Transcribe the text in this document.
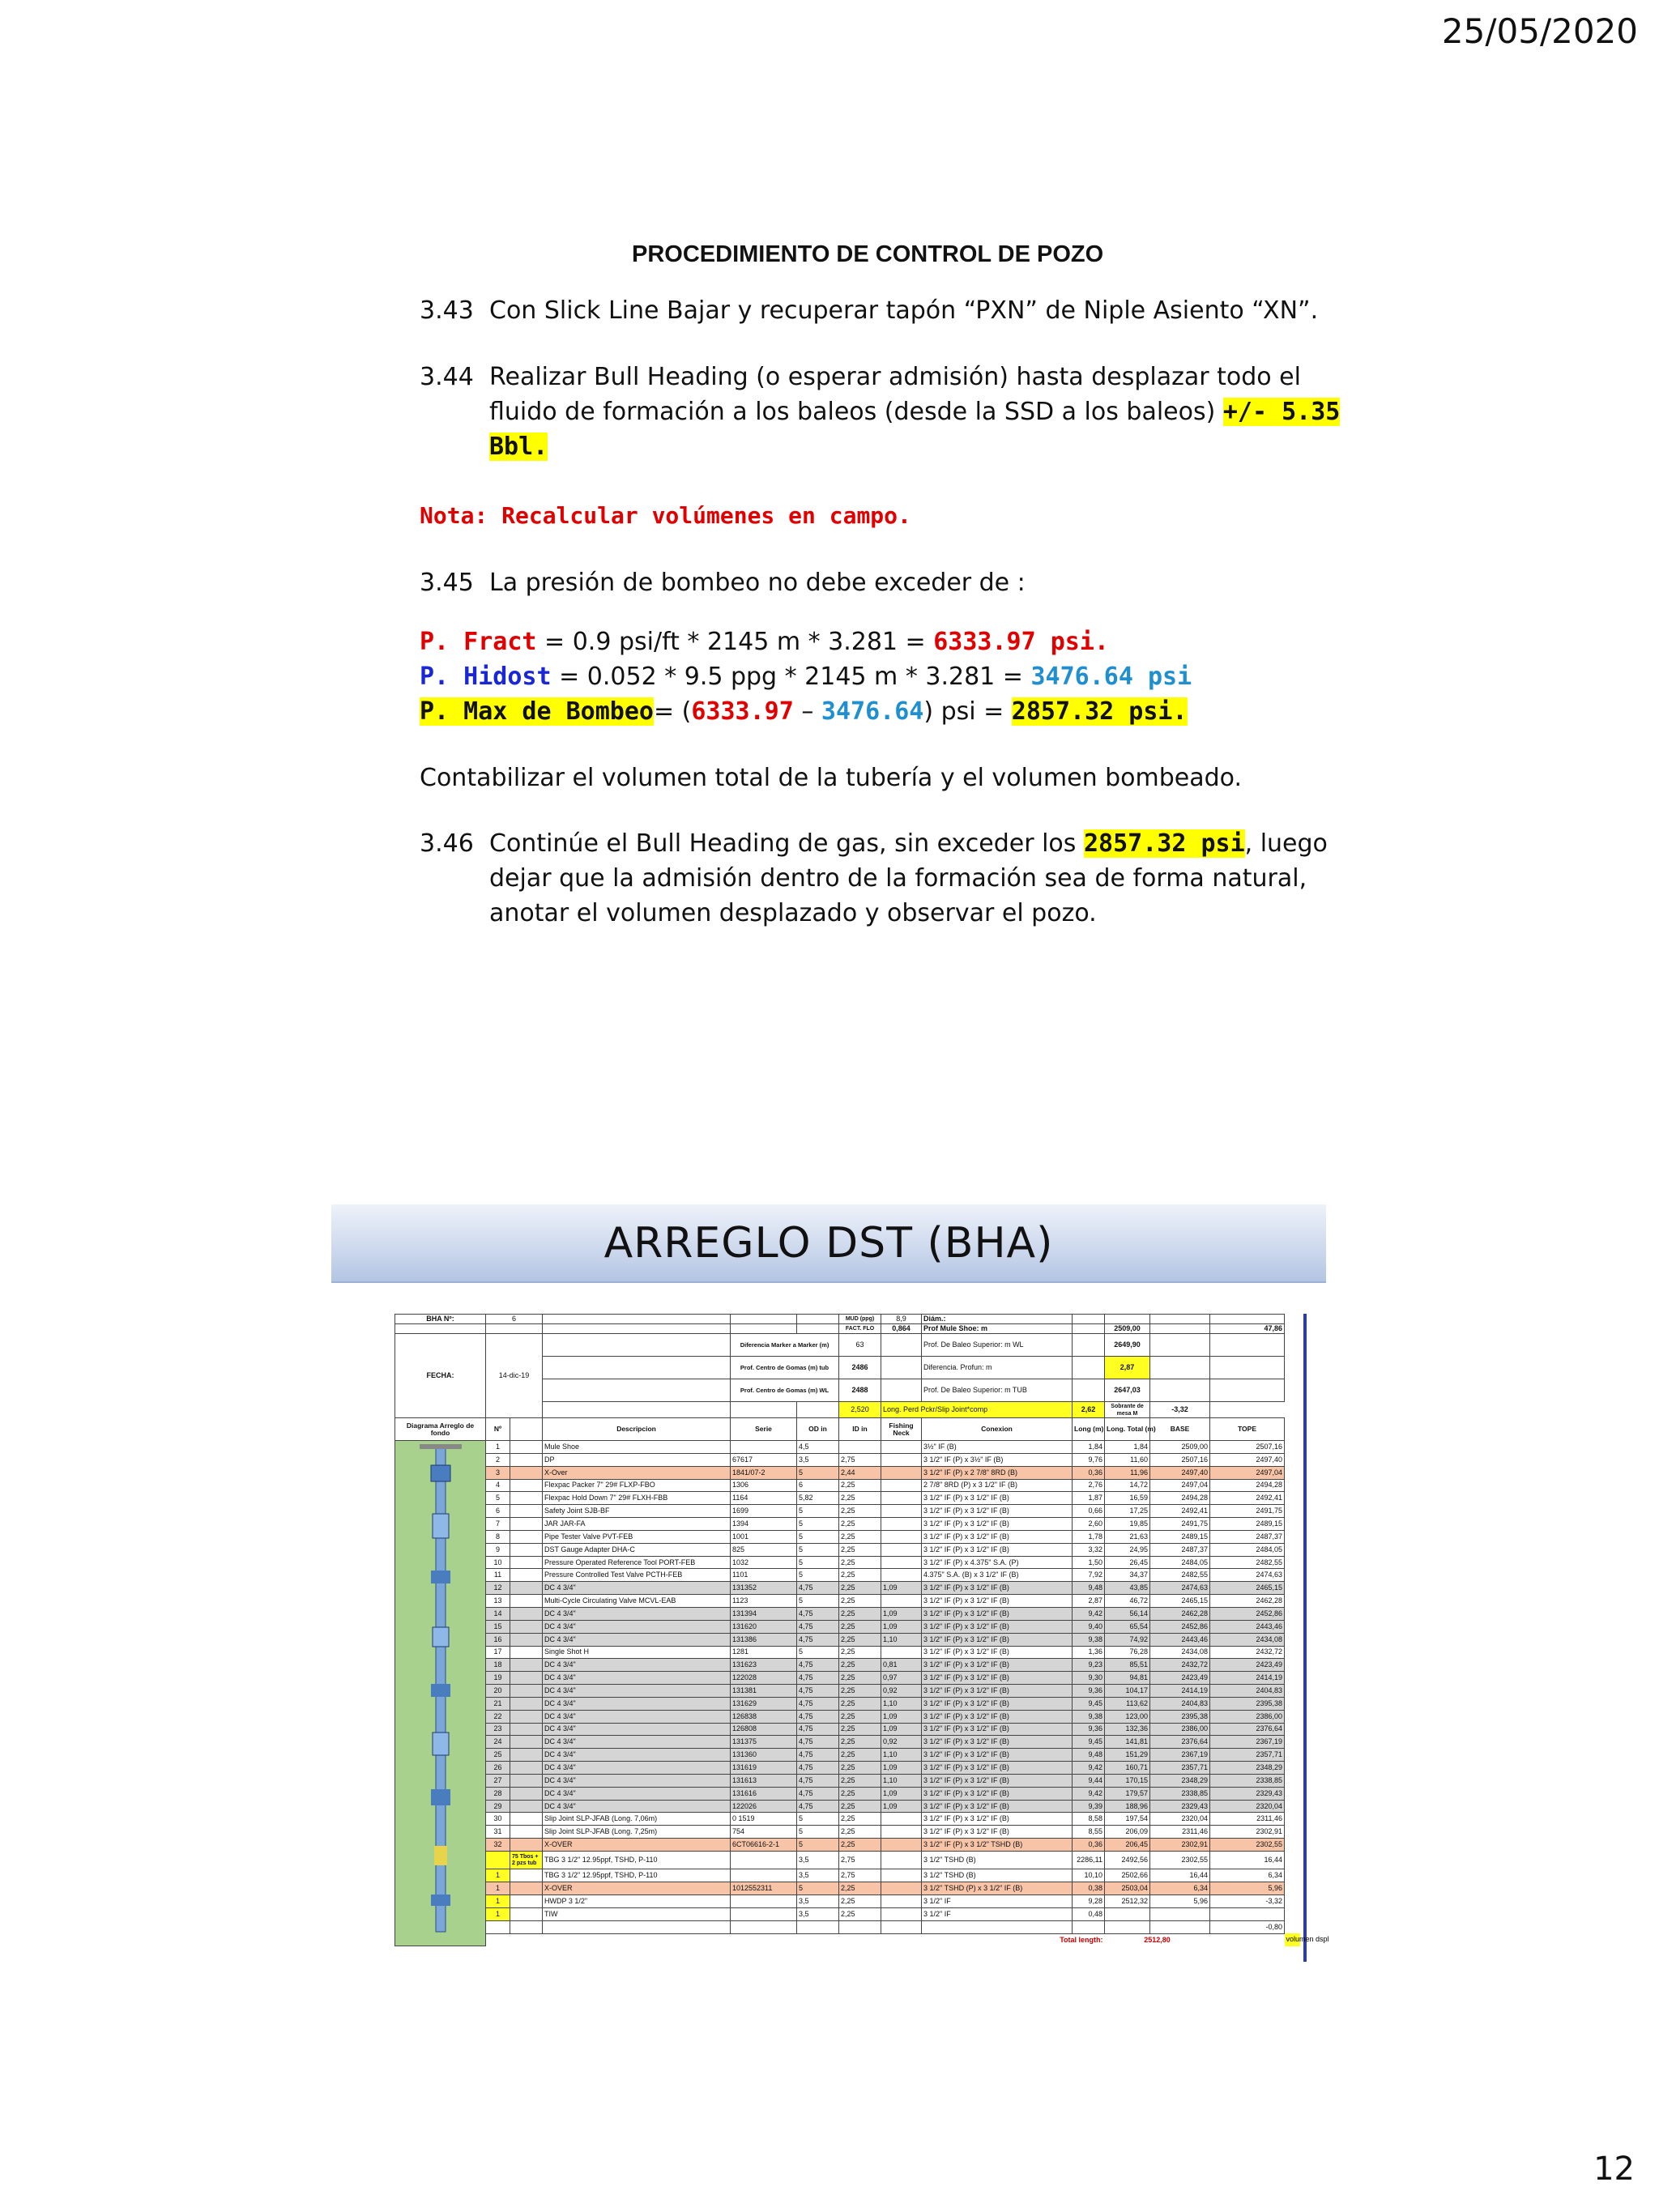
25/05/2020
PROCEDIMIENTO DE CONTROL DE POZO
3.43 Con Slick Line Bajar y recuperar tapón “PXN” de Niple Asiento “XN”.
3.44 Realizar Bull Heading (o esperar admisión) hasta desplazar todo el
fluido de formación a los baleos (desde la SSD a los baleos) +/- 5.35
Bbl.
Nota: Recalcular volúmenes en campo.
3.45 La presión de bombeo no debe exceder de :
P. Fract = 0.9 psi/ft * 2145 m * 3.281 = 6333.97 psi.
P. Hidost = 0.052 * 9.5 ppg * 2145 m * 3.281 = 3476.64 psi
P. Max de Bombeo= (6333.97 – 3476.64) psi = 2857.32 psi.
Contabilizar el volumen total de la tubería y el volumen bombeado.
3.46 Continúe el Bull Heading de gas, sin exceder los 2857.32 psi, luego
dejar que la admisión dentro de la formación sea de forma natural,
anotar el volumen desplazado y observar el pozo.
ARREGLO DST (BHA)
BHA Nº:	6					MUD (ppg)	8,9	Diám.:					
						FACT. FLO	0,864	Prof Mule Shoe: m		2509,00		47,86	
FECHA:	14-dic-19			Diferencia Marker a Marker (m)		63		Prof. De Baleo Superior: m WL		2649,90			
				Prof. Centro de Gomas (m) tub		2486		Diferencia. Profun: m		2,87			
				Prof. Centro de Gomas (m) WL		2488		Prof. De Baleo Superior: m TUB		2647,03			
						2,520	Long. Perd Pckr/Slip Joint*comp		2,62	Sobrante de mesa M	-3,32		
Diagrama Arreglo de fondo	Nº		Descripcion	Serie	OD in	ID in	Fishing Neck	Conexion	Long (m)	Long. Total (m)	BASE	TOPE	
	1		Mule Shoe		4,5			3½" IF (B)	1,84	1,84	2509,00	2507,16	
	2		DP	67617	3,5	2,75		3 1/2" IF (P) x 3½" IF (B)	9,76	11,60	2507,16	2497,40	
	3		X-Over	1841/07-2	5	2,44		3 1/2" IF (P) x 2 7/8" 8RD (B)	0,36	11,96	2497,40	2497,04	
	4		Flexpac Packer 7" 29# FLXP-FBO	1306	6	2,25		2 7/8" 8RD (P) x 3 1/2" IF (B)	2,76	14,72	2497,04	2494,28	
	5		Flexpac Hold Down 7" 29# FLXH-FBB	1164	5,82	2,25		3 1/2" IF (P) x 3 1/2" IF (B)	1,87	16,59	2494,28	2492,41	
	6		Safety Joint SJB-BF	1699	5	2,25		3 1/2" IF (P) x 3 1/2" IF (B)	0,66	17,25	2492,41	2491,75	
	7		JAR JAR-FA	1394	5	2,25		3 1/2" IF (P) x 3 1/2" IF (B)	2,60	19,85	2491,75	2489,15	
	8		Pipe Tester Valve PVT-FEB	1001	5	2,25		3 1/2" IF (P) x 3 1/2" IF (B)	1,78	21,63	2489,15	2487,37	
	9		DST Gauge Adapter DHA-C	825	5	2,25		3 1/2" IF (P) x 3 1/2" IF (B)	3,32	24,95	2487,37	2484,05	
	10		Pressure Operated Reference Tool PORT-FEB	1032	5	2,25		3 1/2" IF (P) x 4.375" S.A. (P)	1,50	26,45	2484,05	2482,55	
	11		Pressure Controlled Test Valve PCTH-FEB	1101	5	2,25		4.375" S.A. (B) x 3 1/2" IF (B)	7,92	34,37	2482,55	2474,63	
	12		DC 4 3/4"	131352	4,75	2,25	1,09	3 1/2" IF (P) x 3 1/2" IF (B)	9,48	43,85	2474,63	2465,15	
	13		Multi-Cycle Circulating Valve MCVL-EAB	1123	5	2,25		3 1/2" IF (P) x 3 1/2" IF (B)	2,87	46,72	2465,15	2462,28	
	14		DC 4 3/4"	131394	4,75	2,25	1,09	3 1/2" IF (P) x 3 1/2" IF (B)	9,42	56,14	2462,28	2452,86	
	15		DC 4 3/4"	131620	4,75	2,25	1,09	3 1/2" IF (P) x 3 1/2" IF (B)	9,40	65,54	2452,86	2443,46	
	16		DC 4 3/4"	131386	4,75	2,25	1,10	3 1/2" IF (P) x 3 1/2" IF (B)	9,38	74,92	2443,46	2434,08	
	17		Single Shot H	1281	5	2,25		3 1/2" IF (P) x 3 1/2" IF (B)	1,36	76,28	2434,08	2432,72	
	18		DC 4 3/4"	131623	4,75	2,25	0,81	3 1/2" IF (P) x 3 1/2" IF (B)	9,23	85,51	2432,72	2423,49	
	19		DC 4 3/4"	122028	4,75	2,25	0,97	3 1/2" IF (P) x 3 1/2" IF (B)	9,30	94,81	2423,49	2414,19	
	20		DC 4 3/4"	131381	4,75	2,25	0,92	3 1/2" IF (P) x 3 1/2" IF (B)	9,36	104,17	2414,19	2404,83	
	21		DC 4 3/4"	131629	4,75	2,25	1,10	3 1/2" IF (P) x 3 1/2" IF (B)	9,45	113,62	2404,83	2395,38	
	22		DC 4 3/4"	126838	4,75	2,25	1,09	3 1/2" IF (P) x 3 1/2" IF (B)	9,38	123,00	2395,38	2386,00	
	23		DC 4 3/4"	126808	4,75	2,25	1,09	3 1/2" IF (P) x 3 1/2" IF (B)	9,36	132,36	2386,00	2376,64	
	24		DC 4 3/4"	131375	4,75	2,25	0,92	3 1/2" IF (P) x 3 1/2" IF (B)	9,45	141,81	2376,64	2367,19	
	25		DC 4 3/4"	131360	4,75	2,25	1,10	3 1/2" IF (P) x 3 1/2" IF (B)	9,48	151,29	2367,19	2357,71	
	26		DC 4 3/4"	131619	4,75	2,25	1,09	3 1/2" IF (P) x 3 1/2" IF (B)	9,42	160,71	2357,71	2348,29	
	27		DC 4 3/4"	131613	4,75	2,25	1,10	3 1/2" IF (P) x 3 1/2" IF (B)	9,44	170,15	2348,29	2338,85	
	28		DC 4 3/4"	131616	4,75	2,25	1,09	3 1/2" IF (P) x 3 1/2" IF (B)	9,42	179,57	2338,85	2329,43	
	29		DC 4 3/4"	122026	4,75	2,25	1,09	3 1/2" IF (P) x 3 1/2" IF (B)	9,39	188,96	2329,43	2320,04	
	30		Slip Joint SLP-JFAB (Long. 7,06m)	0 1519	5	2,25		3 1/2" IF (P) x 3 1/2" IF (B)	8,58	197,54	2320,04	2311,46	
	31		Slip Joint SLP-JFAB (Long. 7,25m)	754	5	2,25		3 1/2" IF (P) x 3 1/2" IF (B)	8,55	206,09	2311,46	2302,91	
	32		X-OVER	6CT06616-2-1	5	2,25		3 1/2" IF (P) x 3 1/2" TSHD (B)	0,36	206,45	2302,91	2302,55	
		75 Tbos + 2 pzs tub	TBG 3 1/2" 12.95ppf, TSHD, P-110		3,5	2,75		3 1/2" TSHD (B)	2286,11	2492,56	2302,55	16,44	
	1		TBG 3 1/2" 12.95ppf, TSHD, P-110		3,5	2,75		3 1/2" TSHD (B)	10,10	2502,66	16,44	6,34	
	1		X-OVER	1012552311	5	2,25		3 1/2" TSHD (P) x 3 1/2" IF (B)	0,38	2503,04	6,34	5,96	
	1		HWDP 3 1/2"		3,5	2,25		3 1/2" IF	9,28	2512,32	5,96	-3,32	
	1		TIW		3,5	2,25		3 1/2" IF	0,48				
												-0,80	
								Total length:		2512,80			volumen dspl
12
